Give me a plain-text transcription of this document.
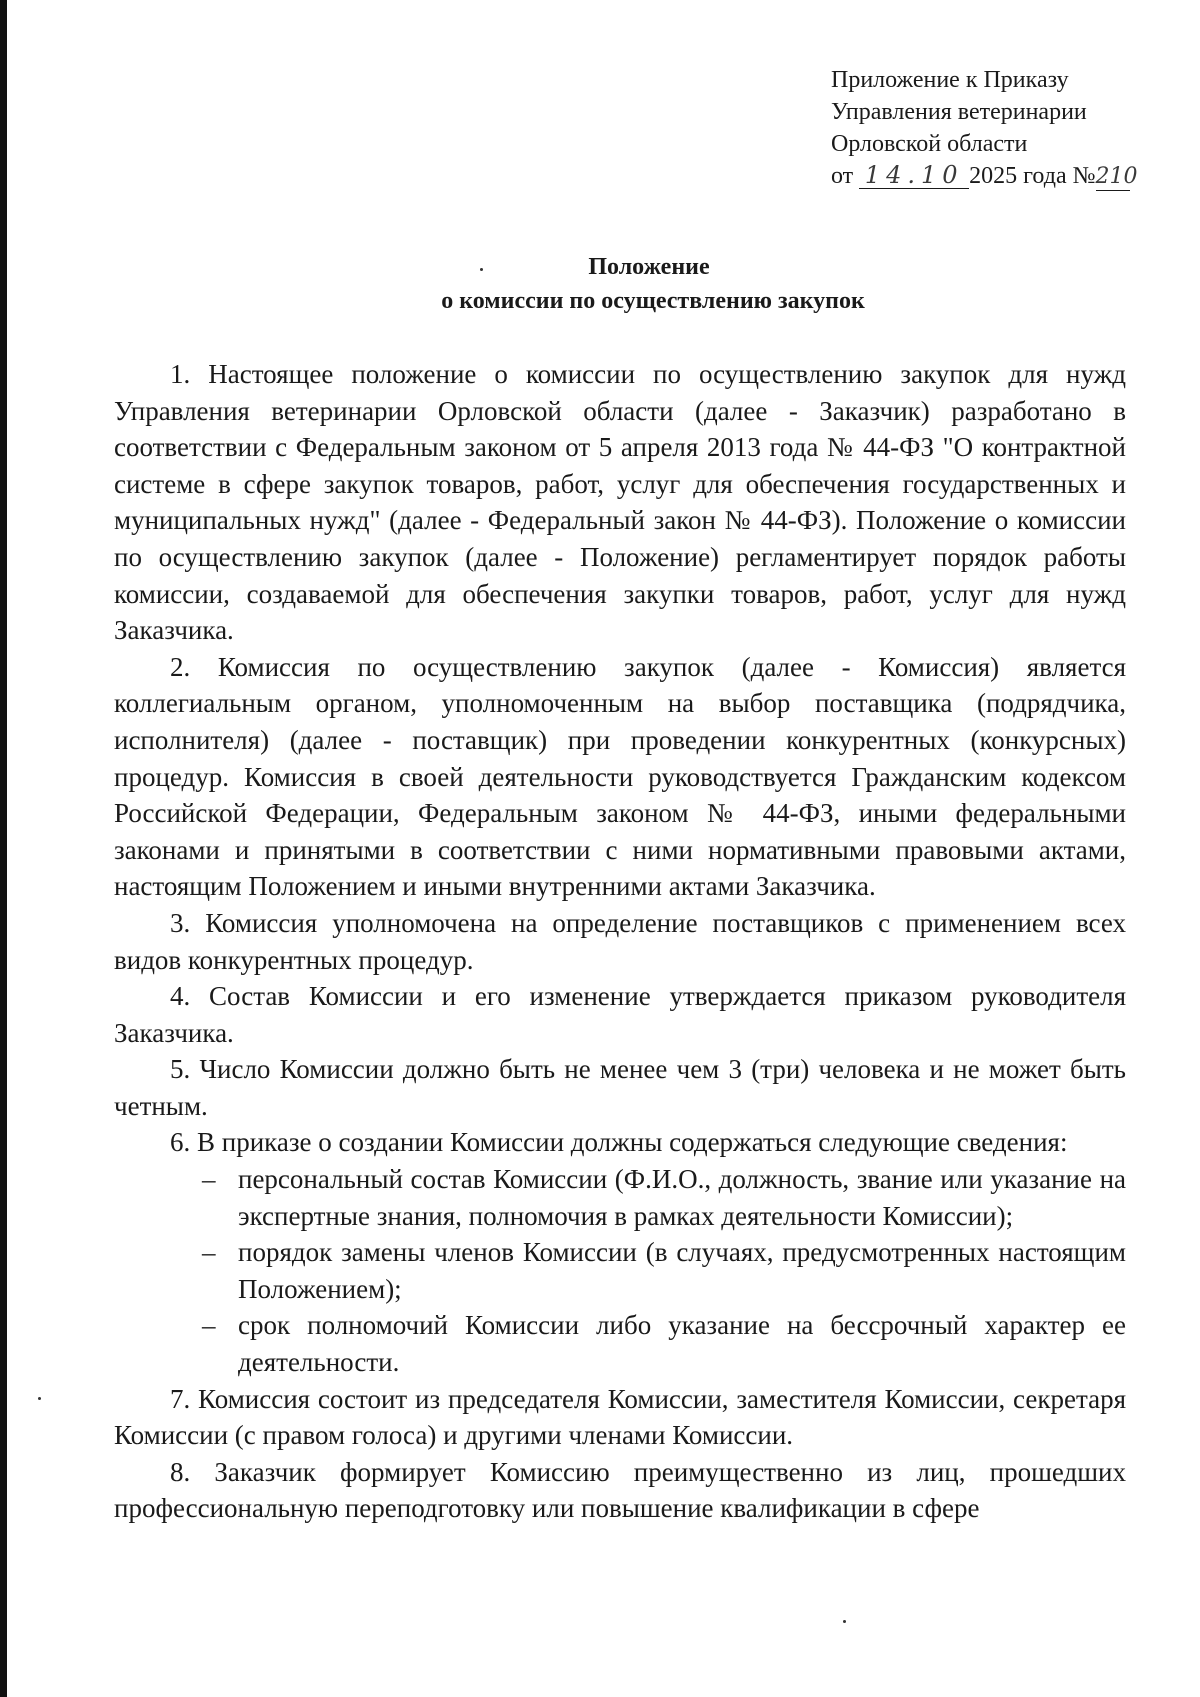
Приложение к Приказу
Управления ветеринарии
Орловской области
от 14.10 2025 года №210
Положение
о комиссии по осуществлению закупок

1. Настоящее положение о комиссии по осуществлению закупок для нужд Управления ветеринарии Орловской области (далее - Заказчик) разработано в соответствии с Федеральным законом от 5 апреля 2013 года № 44-ФЗ "О контрактной системе в сфере закупок товаров, работ, услуг для обеспечения государственных и муниципальных нужд" (далее - Федеральный закон № 44-ФЗ). Положение о комиссии по осуществлению закупок (далее - Положение) регламентирует порядок работы комиссии, создаваемой для обеспечения закупки товаров, работ, услуг для нужд Заказчика.

2. Комиссия по осуществлению закупок (далее - Комиссия) является коллегиальным органом, уполномоченным на выбор поставщика (подрядчика, исполнителя) (далее - поставщик) при проведении конкурентных (конкурсных) процедур. Комиссия в своей деятельности руководствуется Гражданским кодексом Российской Федерации, Федеральным законом № 44-ФЗ, иными федеральными законами и принятыми в соответствии с ними нормативными правовыми актами, настоящим Положением и иными внутренними актами Заказчика.

3. Комиссия уполномочена на определение поставщиков с применением всех видов конкурентных процедур.

4. Состав Комиссии и его изменение утверждается приказом руководителя Заказчика.

5. Число Комиссии должно быть не менее чем 3 (три) человека и не может быть четным.

6. В приказе о создании Комиссии должны содержаться следующие сведения:

– персональный состав Комиссии (Ф.И.О., должность, звание или указание на экспертные знания, полномочия в рамках деятельности Комиссии);
– порядок замены членов Комиссии (в случаях, предусмотренных настоящим Положением);
– срок полномочий Комиссии либо указание на бессрочный характер ее деятельности.

7. Комиссия состоит из председателя Комиссии, заместителя Комиссии, секретаря Комиссии (с правом голоса) и другими членами Комиссии.

8. Заказчик формирует Комиссию преимущественно из лиц, прошедших профессиональную переподготовку или повышение квалификации в сфере
